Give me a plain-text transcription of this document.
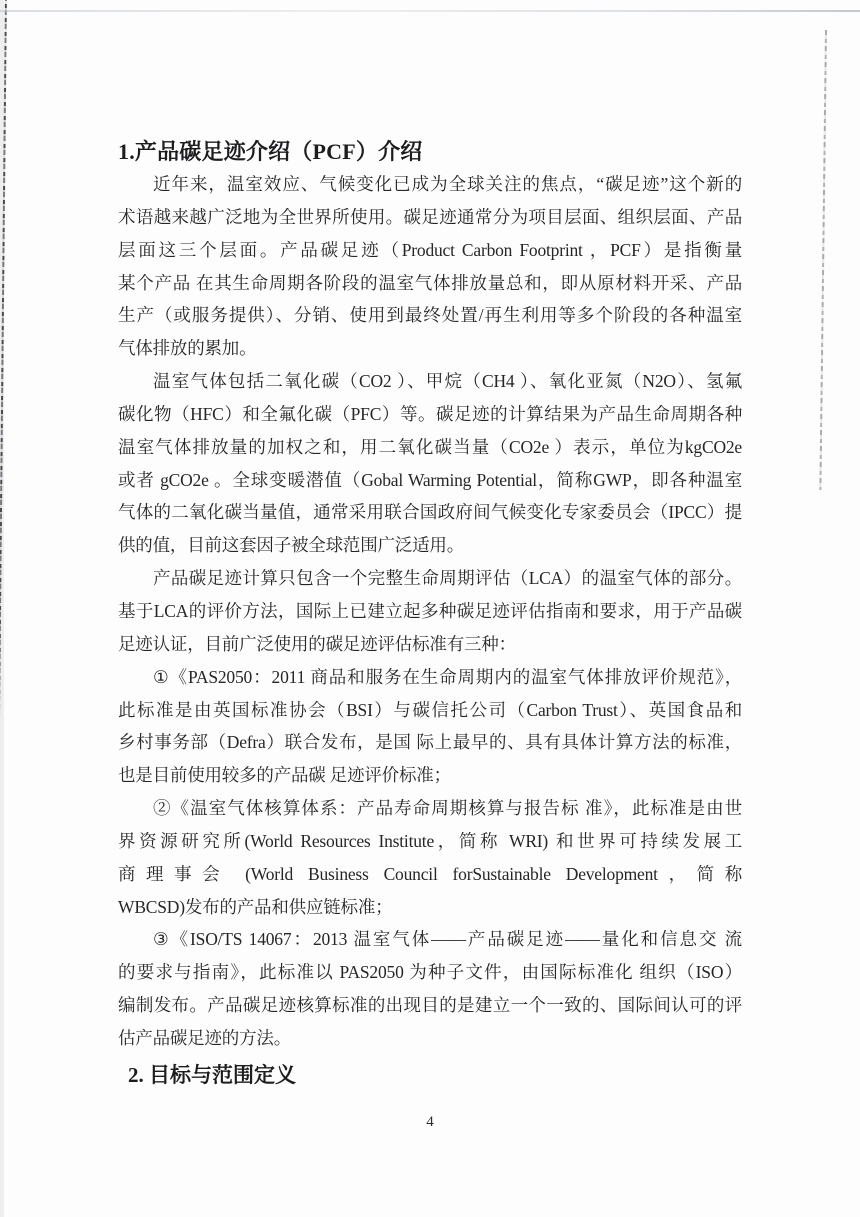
1.产品碳足迹介绍（PCF）介绍
近年来，温室效应、气候变化已成为全球关注的焦点，“碳足迹”这个新的
术语越来越广泛地为全世界所使用。碳足迹通常分为项目层面、组织层面、产品
层面这三个层面。产品碳足迹（Product Carbon Footprint ，PCF）是指衡量
某个产品 在其生命周期各阶段的温室气体排放量总和，即从原材料开采、产品
生产（或服务提供）、分销、使用到最终处置/再生利用等多个阶段的各种温室
气体排放的累加。
温室气体包括二氧化碳（CO2 ）、甲烷（CH4 ）、氧化亚氮（N2O）、氢氟
碳化物（HFC）和全氟化碳（PFC）等。碳足迹的计算结果为产品生命周期各种
温室气体排放量的加权之和，用二氧化碳当量（CO2e ）表示，单位为kgCO2e
或者 gCO2e 。全球变暖潜值（Gobal Warming Potential，简称GWP，即各种温室
气体的二氧化碳当量值，通常采用联合国政府间气候变化专家委员会（IPCC）提
供的值，目前这套因子被全球范围广泛适用。
产品碳足迹计算只包含一个完整生命周期评估（LCA）的温室气体的部分。
基于LCA的评价方法，国际上已建立起多种碳足迹评估指南和要求，用于产品碳
足迹认证，目前广泛使用的碳足迹评估标准有三种：
①《PAS2050：2011 商品和服务在生命周期内的温室气体排放评价规范》，
此标准是由英国标准协会（BSI）与碳信托公司（Carbon Trust）、英国食品和
乡村事务部（Defra）联合发布，是国 际上最早的、具有具体计算方法的标准，
也是目前使用较多的产品碳 足迹评价标准；
②《温室气体核算体系：产品寿命周期核算与报告标 准》，此标准是由世
界资源研究所(World Resources Institute，简称 WRI) 和世界可持续发展工
商理事会 (World Business Council forSustainable Development，简称
WBCSD)发布的产品和供应链标准；
③《ISO/TS 14067：2013 温室气体——产品碳足迹——量化和信息交 流
的要求与指南》，此标准以 PAS2050 为种子文件，由国际标准化 组织（ISO）
编制发布。产品碳足迹核算标准的出现目的是建立一个一致的、国际间认可的评
估产品碳足迹的方法。
2. 目标与范围定义
4
